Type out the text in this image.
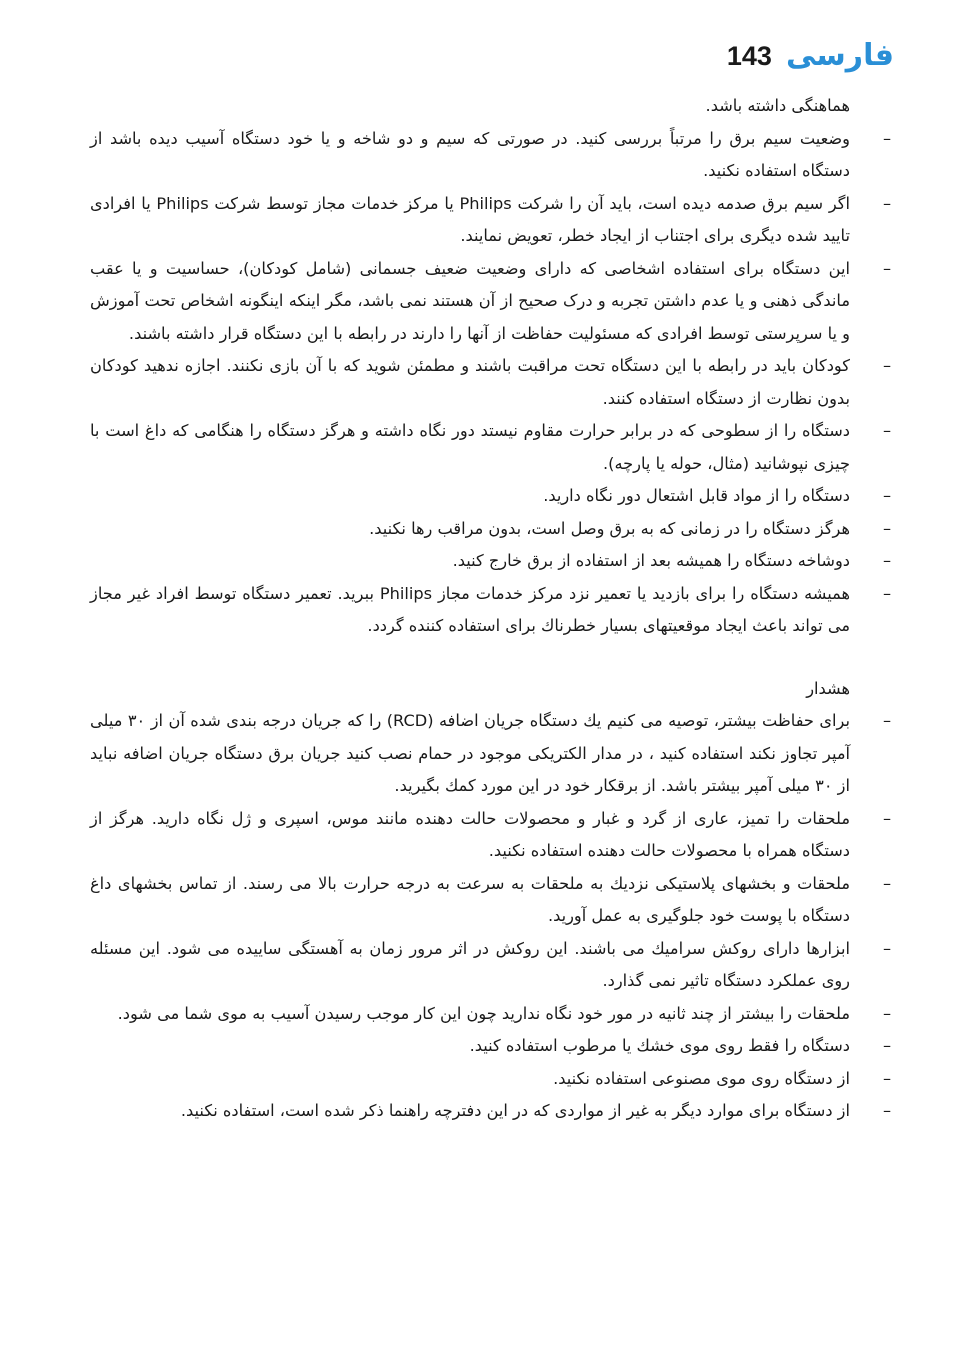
143 فارسی

هماهنگی داشته باشد.

–
وضعیت سیم برق را مرتباً بررسی کنید. در صورتی که سیم و دو شاخه و یا خود دستگاه آسیب دیده باشد از دستگاه استفاده نکنید.
–
اگر سیم برق صدمه دیده است، باید آن را شرکت Philips یا مرکز خدمات مجاز توسط شرکت Philips یا افرادی تایید شده دیگری برای اجتناب از ایجاد خطر، تعویض نمایند.
–
این دستگاه برای استفاده اشخاصی که دارای وضعیت ضعیف جسمانی (شامل کودکان)، حساسیت و یا عقب ماندگی ذهنی و یا عدم داشتن تجربه و درک صحیح از آن هستند نمی باشد، مگر اینکه اینگونه اشخاص تحت آموزش و یا سرپرستی توسط افرادی که مسئولیت حفاظت از آنها را دارند در رابطه با این دستگاه قرار داشته باشند.
–
کودکان باید در رابطه با این دستگاه تحت مراقبت باشند و مطمئن شوید که با آن بازی نکنند. اجازه ندهید کودکان بدون نظارت از دستگاه استفاده کنند.
–
دستگاه را از سطوحی که در برابر حرارت مقاوم نیستد دور نگاه داشته و هرگز دستگاه را هنگامی که داغ است با چیزی نپوشانید (مثال، حوله یا پارچه).
–
دستگاه را از مواد قابل اشتعال دور نگاه دارید.
–
هرگز دستگاه را در زمانی که به برق وصل است، بدون مراقب رها نکنید.
–
دوشاخه دستگاه را همیشه بعد از استفاده از برق خارج کنید.
–
همیشه دستگاه را برای بازدید یا تعمیر نزد مرکز خدمات مجاز Philips ببرید. تعمیر دستگاه توسط افراد غیر مجاز می تواند باعث ایجاد موقعیتهای بسیار خطرناك برای استفاده کننده گردد.

هشدار

–
برای حفاظت بیشتر، توصیه می کنیم یك دستگاه جریان اضافه (RCD) را که جریان درجه بندی شده آن از ۳۰ میلی آمپر تجاوز نکند استفاده کنید ، در مدار الکتریکی موجود در حمام نصب کنید جریان برق دستگاه جریان اضافه نباید از ۳۰ میلی آمپر بیشتر باشد. از برقکار خود در این مورد کمك بگیرید.
–
ملحقات را تمیز، عاری از گرد و غبار و محصولات حالت دهنده مانند موس، اسپری و ژل نگاه دارید. هرگز از دستگاه همراه با محصولات حالت دهنده استفاده نکنید.
–
ملحقات و بخشهای پلاستیکی نزدیك به ملحقات به سرعت به درجه حرارت بالا می رسند. از تماس بخشهای داغ دستگاه با پوست خود جلوگیری به عمل آورید.
–
ابزارها دارای روکش سرامیك می باشند. این روکش در اثر مرور زمان به آهستگی ساییده می شود. این مسئله روی عملکرد دستگاه تاثیر نمی گذارد.
–
ملحقات را بیشتر از چند ثانیه در مور خود نگاه ندارید چون این کار موجب رسیدن آسیب به موی شما می شود.
–
دستگاه را فقط روی موی خشك یا مرطوب استفاده کنید.
–
از دستگاه روی موی مصنوعی استفاده نکنید.
–
از دستگاه برای موارد دیگر به غیر از مواردی که در این دفترچه راهنما ذکر شده است، استفاده نکنید.
